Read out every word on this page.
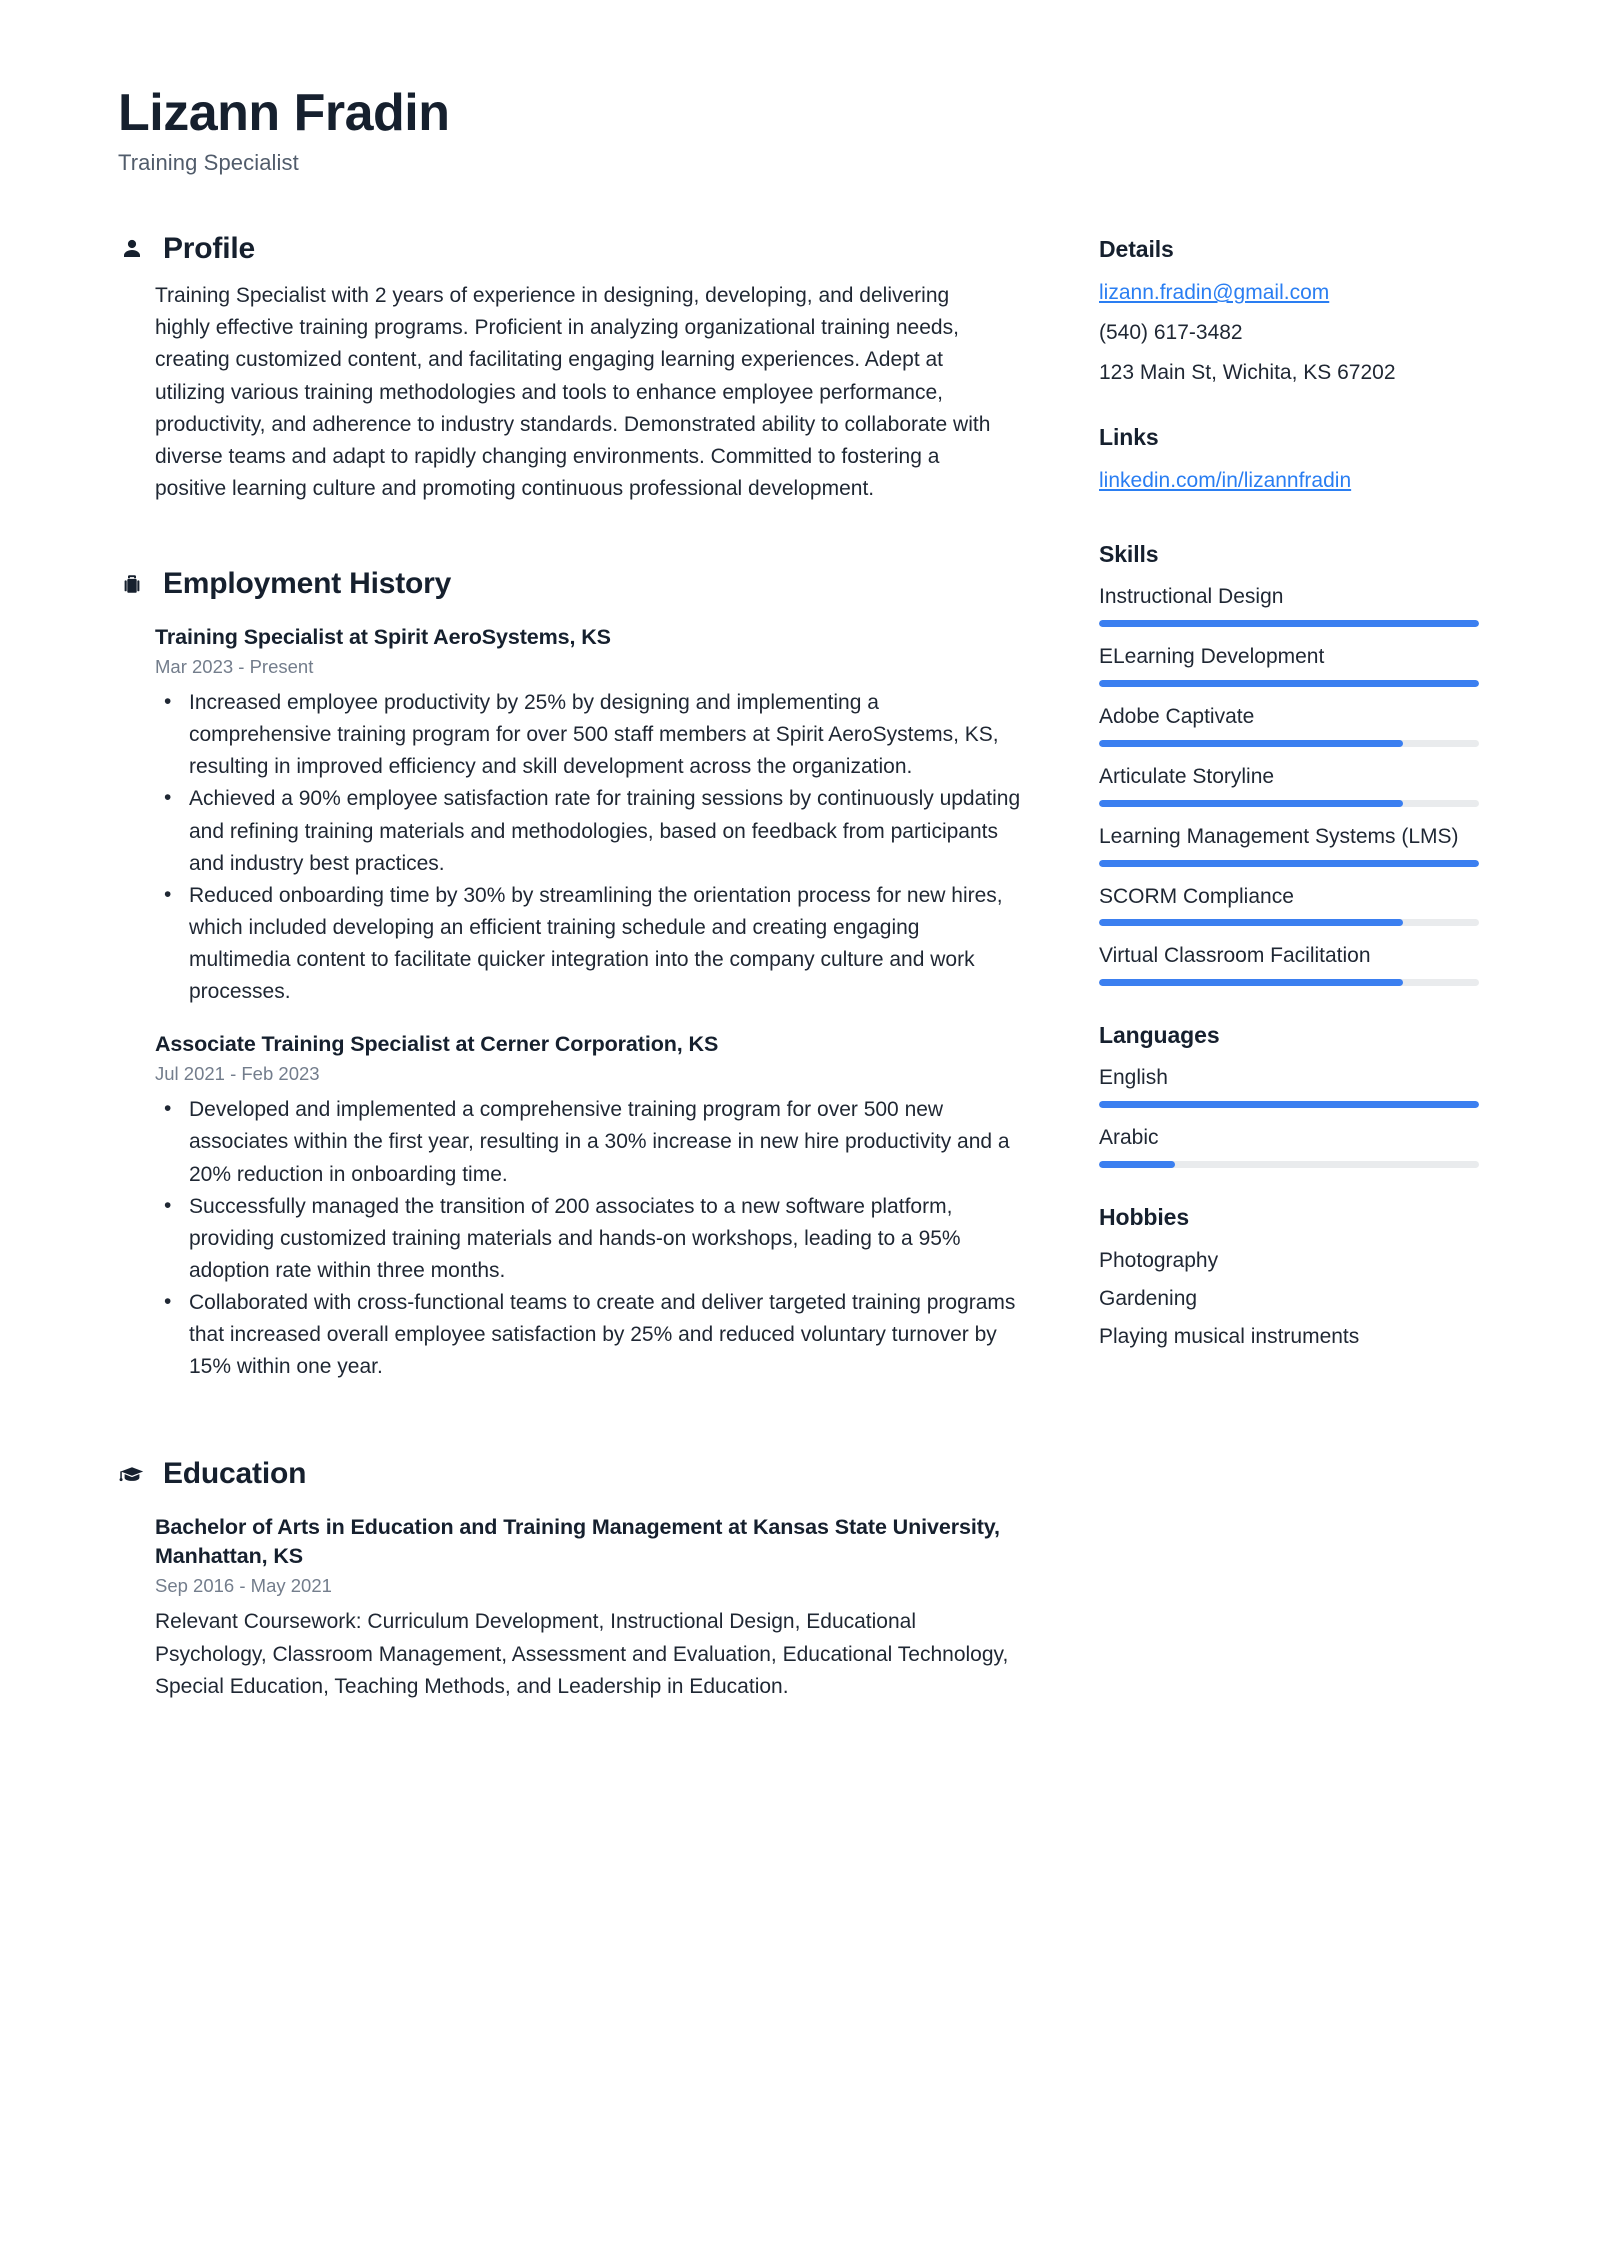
Lizann Fradin
Training Specialist
Profile
Training Specialist with 2 years of experience in designing, developing, and delivering highly effective training programs. Proficient in analyzing organizational training needs, creating customized content, and facilitating engaging learning experiences. Adept at utilizing various training methodologies and tools to enhance employee performance, productivity, and adherence to industry standards. Demonstrated ability to collaborate with diverse teams and adapt to rapidly changing environments. Committed to fostering a positive learning culture and promoting continuous professional development.
Employment History
Training Specialist at Spirit AeroSystems, KS
Mar 2023 - Present
• Increased employee productivity by 25% by designing and implementing a comprehensive training program for over 500 staff members at Spirit AeroSystems, KS, resulting in improved efficiency and skill development across the organization.
• Achieved a 90% employee satisfaction rate for training sessions by continuously updating and refining training materials and methodologies, based on feedback from participants and industry best practices.
• Reduced onboarding time by 30% by streamlining the orientation process for new hires, which included developing an efficient training schedule and creating engaging multimedia content to facilitate quicker integration into the company culture and work processes.
Associate Training Specialist at Cerner Corporation, KS
Jul 2021 - Feb 2023
• Developed and implemented a comprehensive training program for over 500 new associates within the first year, resulting in a 30% increase in new hire productivity and a 20% reduction in onboarding time.
• Successfully managed the transition of 200 associates to a new software platform, providing customized training materials and hands-on workshops, leading to a 95% adoption rate within three months.
• Collaborated with cross-functional teams to create and deliver targeted training programs that increased overall employee satisfaction by 25% and reduced voluntary turnover by 15% within one year.
Education
Bachelor of Arts in Education and Training Management at Kansas State University, Manhattan, KS
Sep 2016 - May 2021
Relevant Coursework: Curriculum Development, Instructional Design, Educational Psychology, Classroom Management, Assessment and Evaluation, Educational Technology, Special Education, Teaching Methods, and Leadership in Education.
Details
lizann.fradin@gmail.com
(540) 617-3482
123 Main St, Wichita, KS 67202
Links
linkedin.com/in/lizannfradin
Skills
Instructional Design
ELearning Development
Adobe Captivate
Articulate Storyline
Learning Management Systems (LMS)
SCORM Compliance
Virtual Classroom Facilitation
Languages
English
Arabic
Hobbies
Photography
Gardening
Playing musical instruments
